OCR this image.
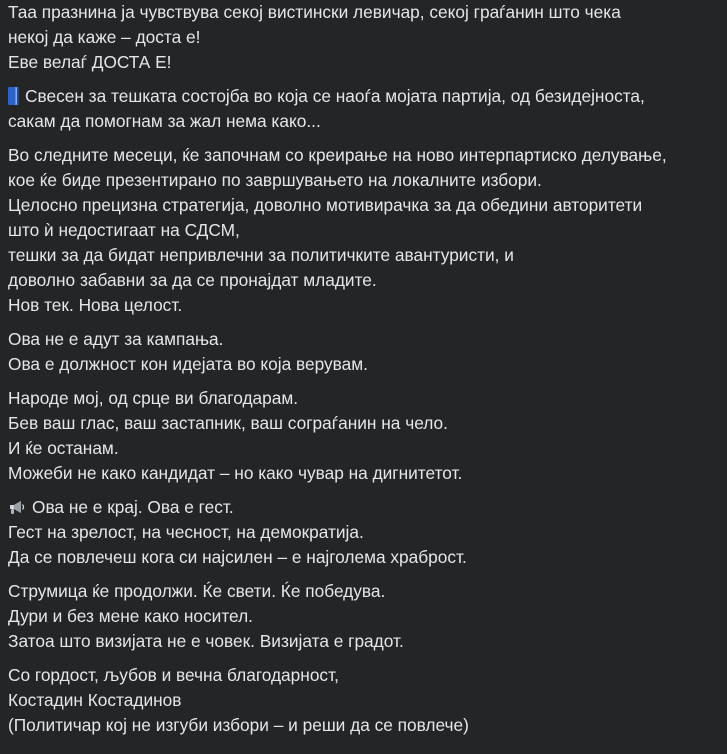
Таа празнина ја чувствува секој вистински левичар, секој граѓанин што чека
некој да каже – доста е!
Еве велаѓ ДОСТА Е!
Свесен за тешката состојба во која се наоѓа мојата партија, од безидејноста,
сакам да помогнам за жал нема како...
Во следните месеци, ќе започнам со креирање на ново интерпартиско делување,
кое ќе биде презентирано по завршувањето на локалните избори.
Целосно прецизна стратегија, доволно мотивирачка за да обедини авторитети
што ѝ недостигаат на СДСМ,
тешки за да бидат непривлечни за политичките авантуристи, и
доволно забавни за да се пронајдат младите.
Нов тек. Нова целост.
Ова не е адут за кампања.
Ова е должност кон идејата во која верувам.
Народе мој, од срце ви благодарам.
Бев ваш глас, ваш застапник, ваш сограѓанин на чело.
И ќе останам.
Можеби не како кандидат – но како чувар на дигнитетот.
Ова не е крај. Ова е гест.
Гест на зрелост, на чесност, на демократија.
Да се повлечеш кога си најсилен – е најголема храброст.
Струмица ќе продолжи. Ќе свети. Ќе победува.
Дури и без мене како носител.
Затоа што визијата не е човек. Визијата е градот.
Со гордост, љубов и вечна благодарност,
Костадин Костадинов
(Политичар кој не изгуби избори – и реши да се повлече)
